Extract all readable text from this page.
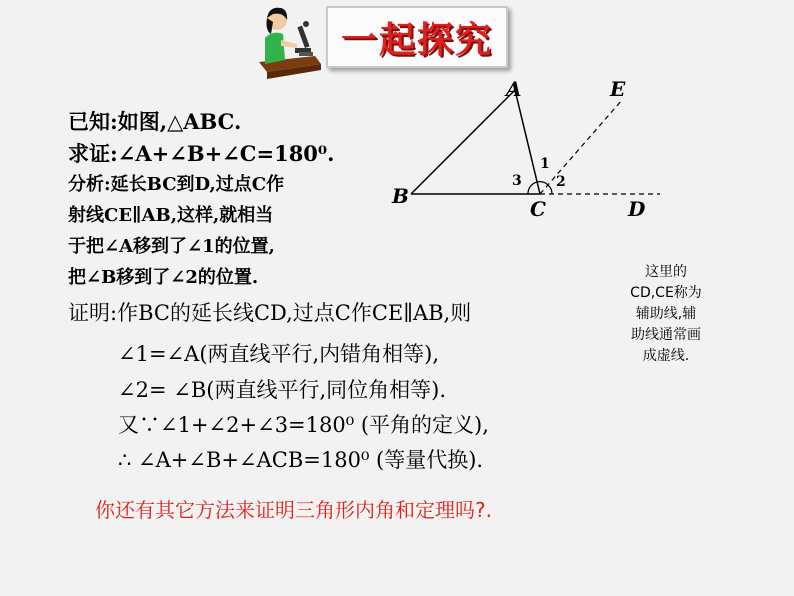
一起探究
A	E
B
C	D
1
2
3
已知:如图,△ABC.
求证:∠A+∠B+∠C=180⁰.
分析:延长BC到D,过点C作
射线CE∥AB,这样,就相当
于把∠A移到了∠1的位置,
把∠B移到了∠2的位置.
证明:作BC的延长线CD,过点C作CE∥AB,则
∠1=∠A(两直线平行,内错角相等),
∠2= ∠B(两直线平行,同位角相等).
又∵∠1+∠2+∠3=180⁰ (平角的定义),
∴ ∠A+∠B+∠ACB=180⁰ (等量代换).
这里的
CD,CE称为
辅助线,辅
助线通常画
成虚线.
你还有其它方法来证明三角形内角和定理吗?.
